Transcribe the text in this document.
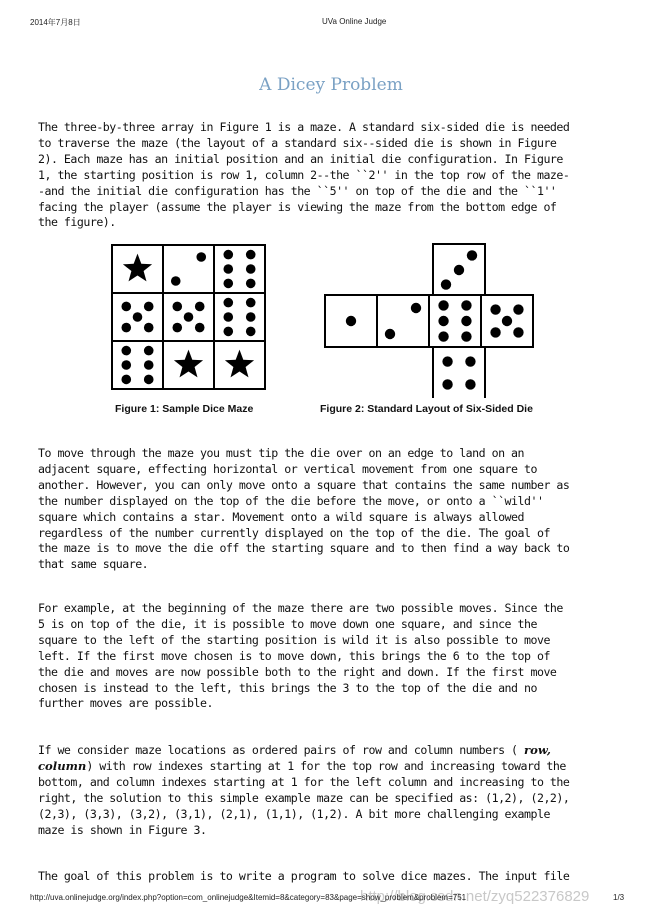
2014年7月8日	UVa Online Judge
A Dicey Problem
The three-by-three array in Figure 1 is a maze. A standard six-sided die is needed
to traverse the maze (the layout of a standard six--sided die is shown in Figure
2). Each maze has an initial position and an initial die configuration. In Figure
1, the starting position is row 1, column 2--the ``2'' in the top row of the maze-
-and the initial die configuration has the ``5'' on top of the die and the ``1''
facing the player (assume the player is viewing the maze from the bottom edge of
the figure).
Figure 1: Sample Dice Maze	Figure 2: Standard Layout of Six-Sided Die
To move through the maze you must tip the die over on an edge to land on an
adjacent square, effecting horizontal or vertical movement from one square to
another. However, you can only move onto a square that contains the same number as
the number displayed on the top of the die before the move, or onto a ``wild''
square which contains a star. Movement onto a wild square is always allowed
regardless of the number currently displayed on the top of the die. The goal of
the maze is to move the die off the starting square and to then find a way back to
that same square.
For example, at the beginning of the maze there are two possible moves. Since the
5 is on top of the die, it is possible to move down one square, and since the
square to the left of the starting position is wild it is also possible to move
left. If the first move chosen is to move down, this brings the 6 to the top of
the die and moves are now possible both to the right and down. If the first move
chosen is instead to the left, this brings the 3 to the top of the die and no
further moves are possible.
If we consider maze locations as ordered pairs of row and column numbers ( row,
column) with row indexes starting at 1 for the top row and increasing toward the
bottom, and column indexes starting at 1 for the left column and increasing to the
right, the solution to this simple example maze can be specified as: (1,2), (2,2),
(2,3), (3,3), (3,2), (3,1), (2,1), (1,1), (1,2). A bit more challenging example
maze is shown in Figure 3.
The goal of this problem is to write a program to solve dice mazes. The input file
http://blog.csdn.net/zyq522376829
http://uva.onlinejudge.org/index.php?option=com_onlinejudge&Itemid=8&category=83&page=show_problem&problem=751	1/3
